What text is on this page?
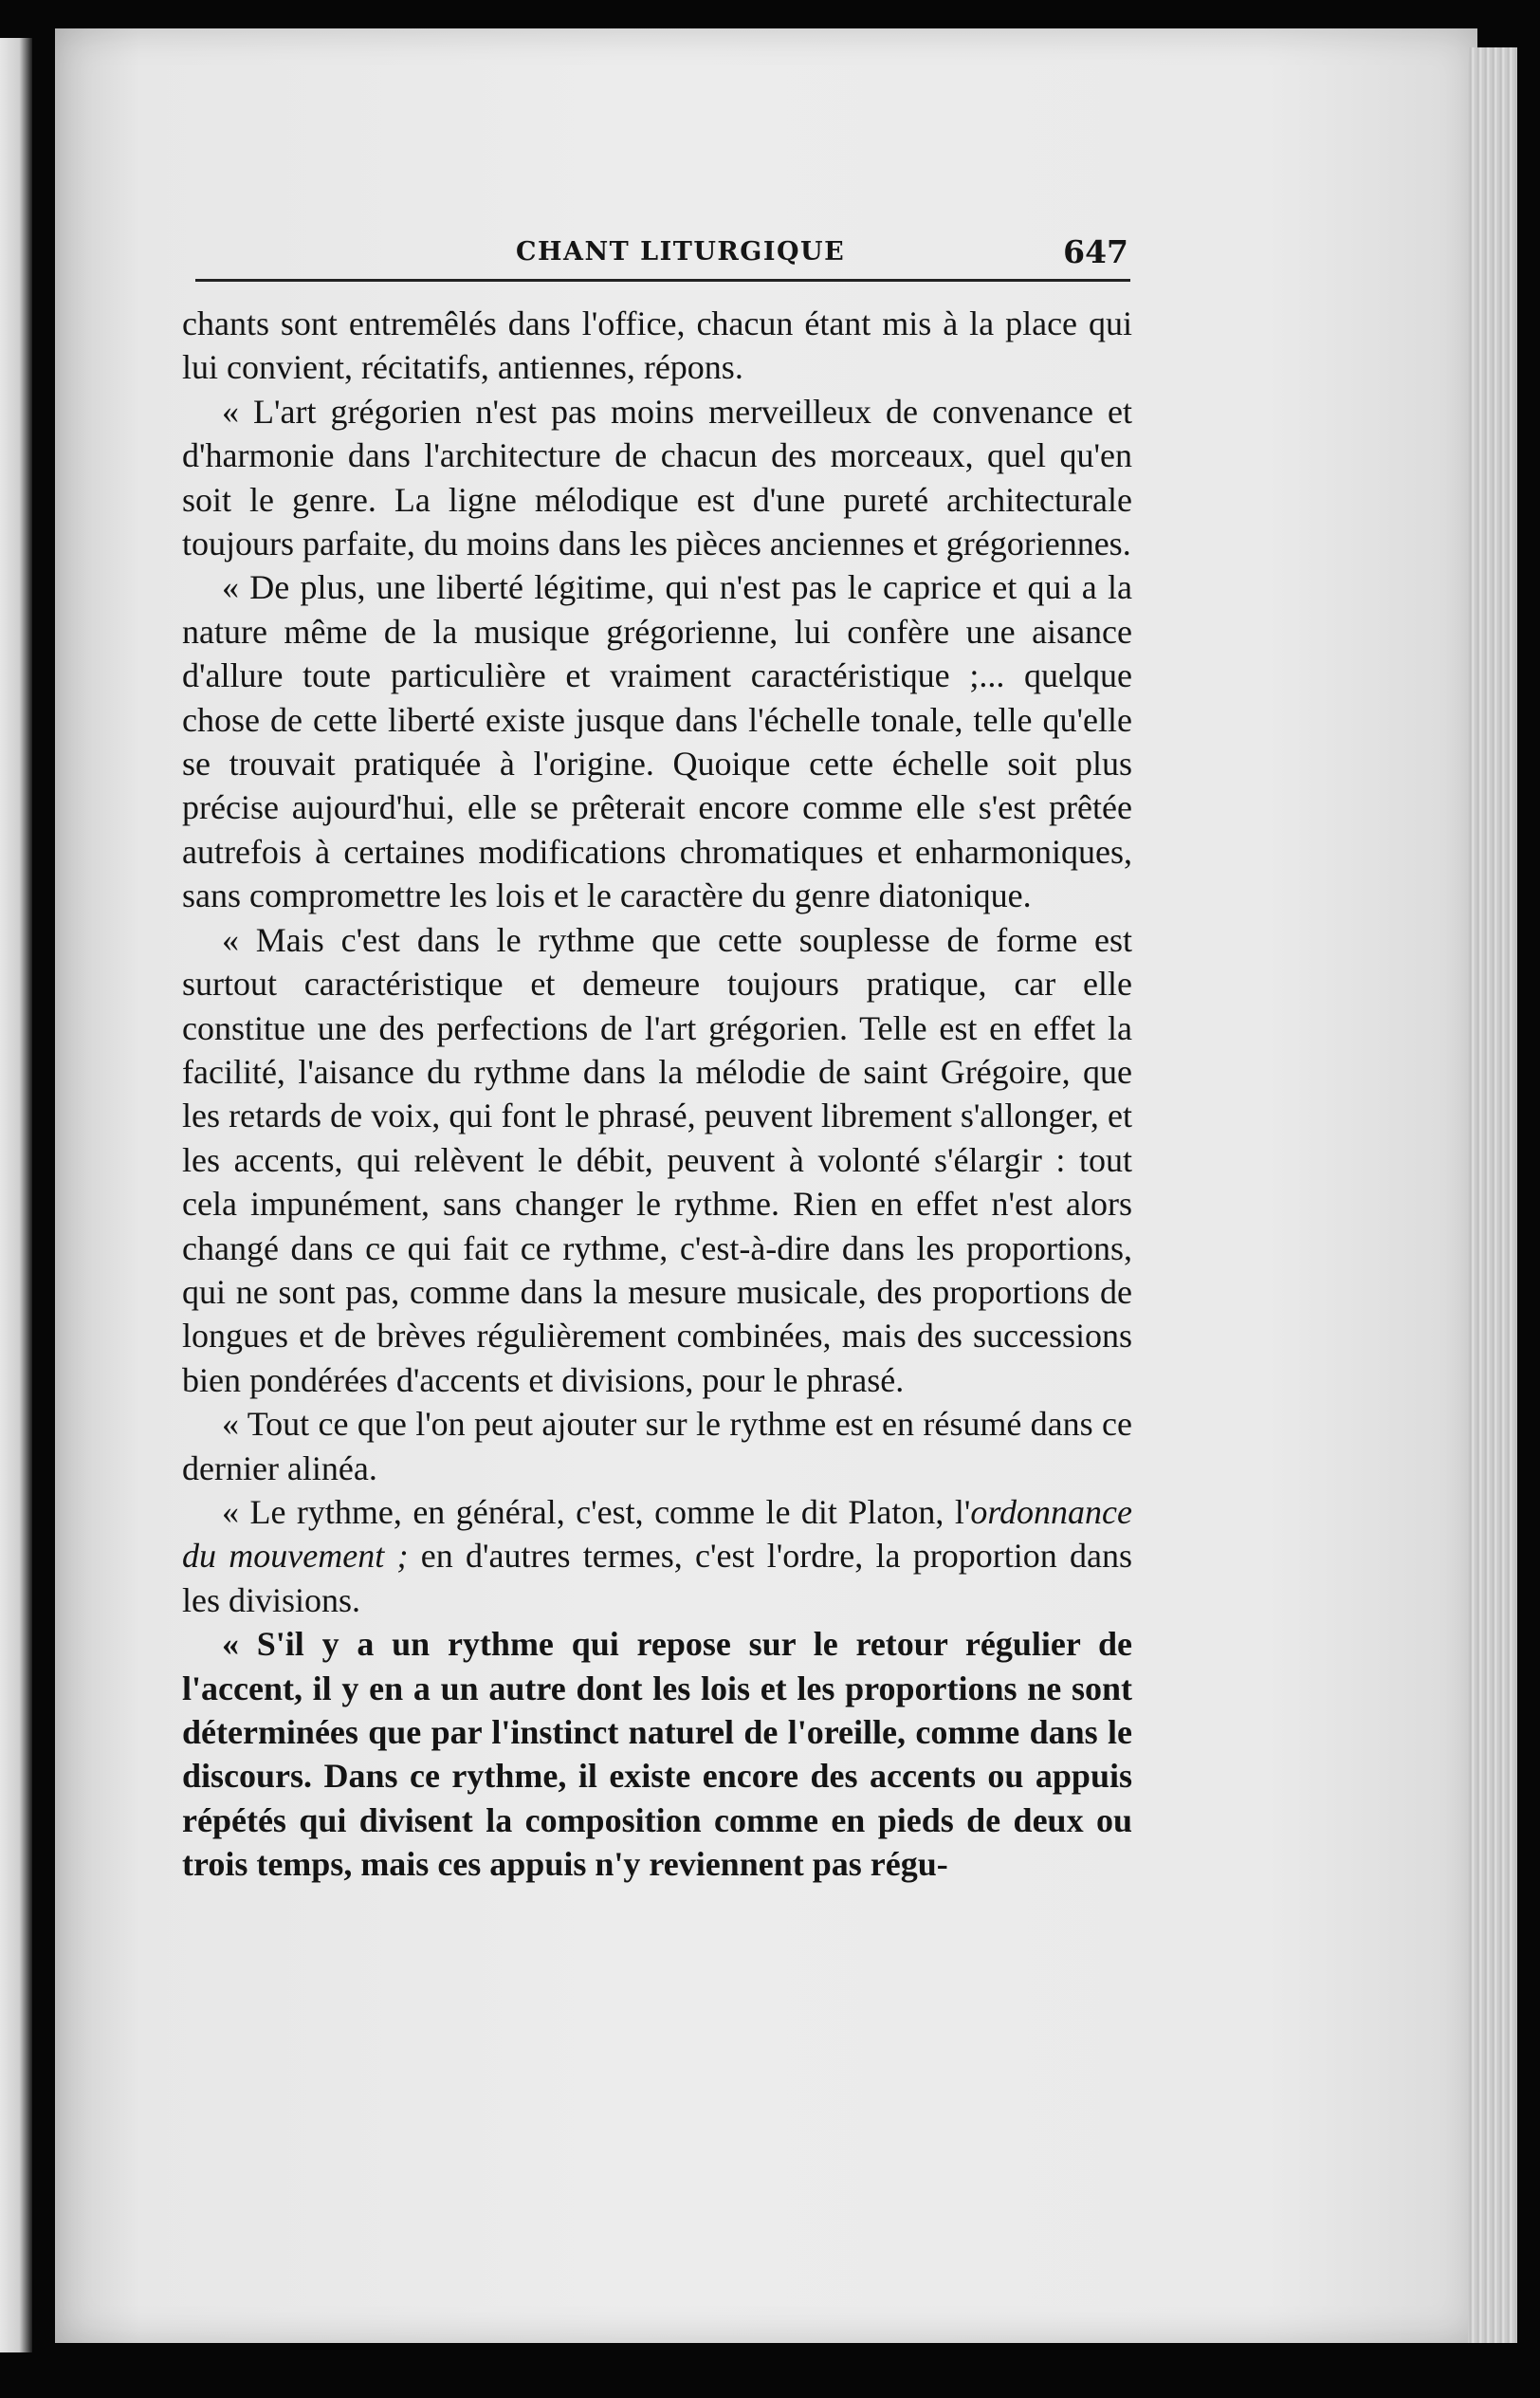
CHANT LITURGIQUE	647

chants sont entremêlés dans l'office, chacun étant mis à la place qui lui convient, récitatifs, antiennes, répons.

« L'art grégorien n'est pas moins merveilleux de convenance et d'harmonie dans l'architecture de chacun des morceaux, quel qu'en soit le genre. La ligne mélodique est d'une pureté architecturale toujours parfaite, du moins dans les pièces anciennes et grégoriennes.

« De plus, une liberté légitime, qui n'est pas le caprice et qui a la nature même de la musique grégorienne, lui confère une aisance d'allure toute particulière et vraiment caractéristique ;... quelque chose de cette liberté existe jusque dans l'échelle tonale, telle qu'elle se trouvait pratiquée à l'origine. Quoique cette échelle soit plus précise aujourd'hui, elle se prêterait encore comme elle s'est prêtée autrefois à certaines modifications chromatiques et enharmoniques, sans compromettre les lois et le caractère du genre diatonique.

« Mais c'est dans le rythme que cette souplesse de forme est surtout caractéristique et demeure toujours pratique, car elle constitue une des perfections de l'art grégorien. Telle est en effet la facilité, l'aisance du rythme dans la mélodie de saint Grégoire, que les retards de voix, qui font le phrasé, peuvent librement s'allonger, et les accents, qui relèvent le débit, peuvent à volonté s'élargir : tout cela impunément, sans changer le rythme. Rien en effet n'est alors changé dans ce qui fait ce rythme, c'est-à-dire dans les proportions, qui ne sont pas, comme dans la mesure musicale, des proportions de longues et de brèves régulièrement combinées, mais des successions bien pondérées d'accents et divisions, pour le phrasé.

« Tout ce que l'on peut ajouter sur le rythme est en résumé dans ce dernier alinéa.

« Le rythme, en général, c'est, comme le dit Platon, l'ordonnance du mouvement ; en d'autres termes, c'est l'ordre, la proportion dans les divisions.

« S'il y a un rythme qui repose sur le retour régulier de l'accent, il y en a un autre dont les lois et les proportions ne sont déterminées que par l'instinct naturel de l'oreille, comme dans le discours. Dans ce rythme, il existe encore des accents ou appuis répétés qui divisent la composition comme en pieds de deux ou trois temps, mais ces appuis n'y reviennent pas régu-
